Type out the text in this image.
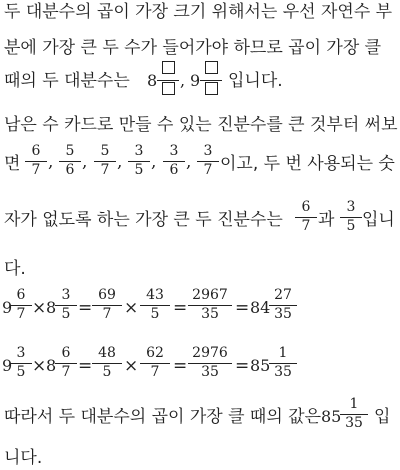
두 대분수의 곱이 가장 크기 위해서는 우선 자연수 부
분에 가장 큰 두 수가 들어가야 하므로 곱이 가장 클
때의 두 대분수는 8 , 9 입니다.
남은 수 카드로 만들 수 있는 진분수를 큰 것부터 써보
면
6
7 ,
5
6 ,
5
7 ,
3
5 ,
3
6 ,
3
7 이고, 두 번 사용되는 숫
자가 없도록 하는 가장 큰 두 진분수는
6
7 과
3
5 입니
다.
9
6
7 × 8
3
5 =
69
7 ×
43
5 =
2967
35 = 84
27
35
9
3
5 × 8
6
7 =
48
5 ×
62
7 =
2976
35 = 85
1
35
따라서 두 대분수의 곱이 가장 클 때의 값은 85
1
35 입
니다.
